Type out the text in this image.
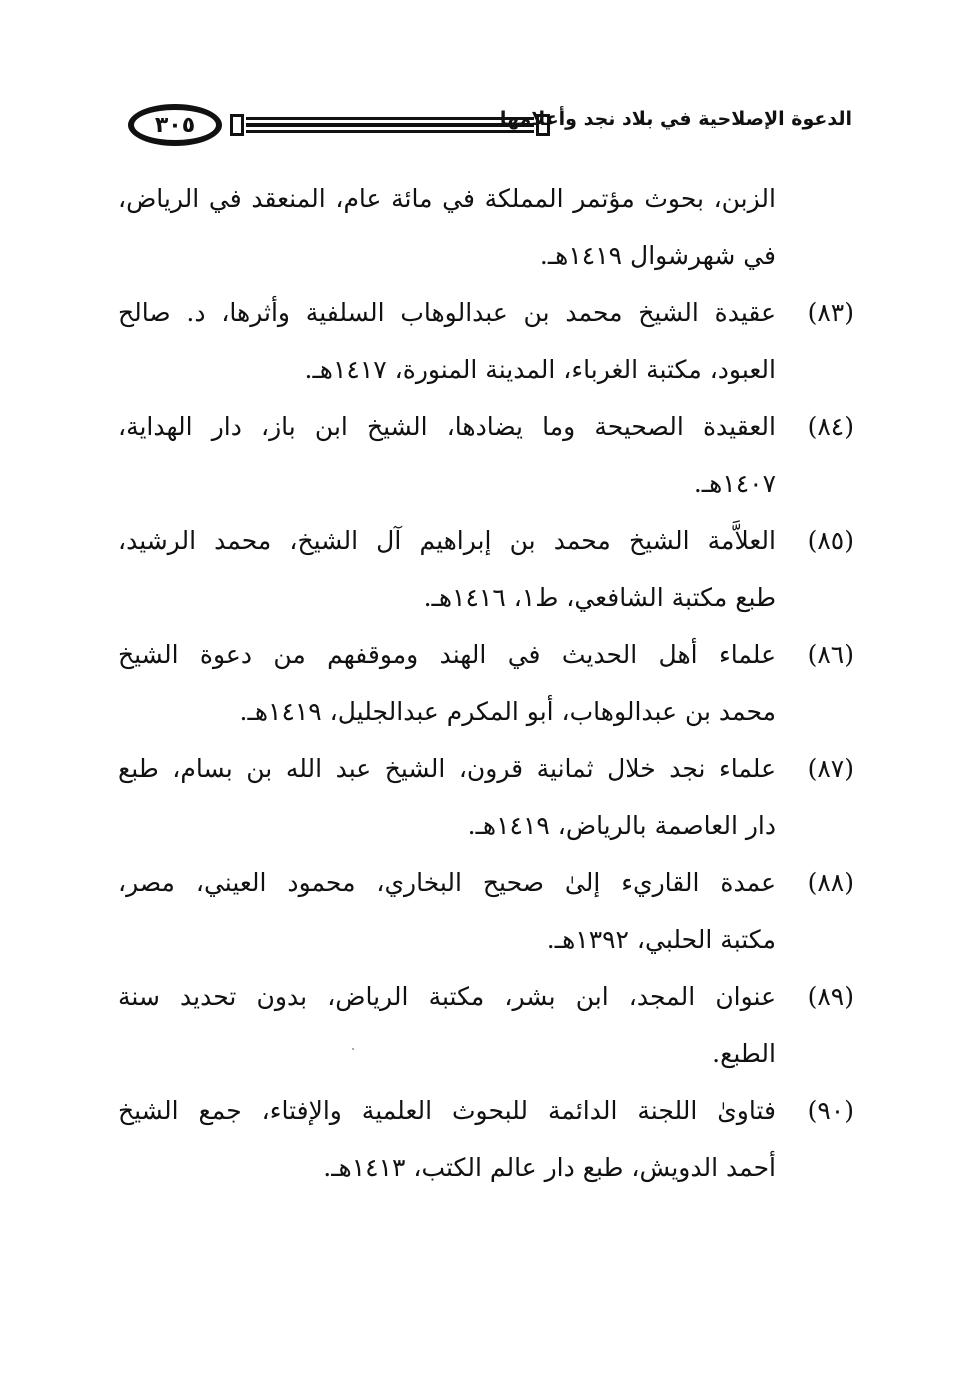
٣٠٥	الدعوة الإصلاحية في بلاد نجد وأعلامها
الزبن، بحوث مؤتمر المملكة في مائة عام، المنعقد في الرياض،
في شهرشوال ١٤١٩هـ.
(٨٣)
عقيدة الشيخ محمد بن عبدالوهاب السلفية وأثرها، د. صالح
العبود، مكتبة الغرباء، المدينة المنورة، ١٤١٧هـ.
(٨٤)
العقيدة الصحيحة وما يضادها، الشيخ ابن باز، دار الهداية،
١٤٠٧هـ.
(٨٥)
العلاَّمة الشيخ محمد بن إبراهيم آل الشيخ، محمد الرشيد،
طبع مكتبة الشافعي، ط١، ١٤١٦هـ.
(٨٦)
علماء أهل الحديث في الهند وموقفهم من دعوة الشيخ
محمد بن عبدالوهاب، أبو المكرم عبدالجليل، ١٤١٩هـ.
(٨٧)
علماء نجد خلال ثمانية قرون، الشيخ عبد الله بن بسام، طبع
دار العاصمة بالرياض، ١٤١٩هـ.
(٨٨)
عمدة القاريء إلىٰ صحيح البخاري، محمود العيني، مصر،
مكتبة الحلبي، ١٣٩٢هـ.
(٨٩)
عنوان المجد، ابن بشر، مكتبة الرياض، بدون تحديد سنة
الطبع.
(٩٠)
فتاوىٰ اللجنة الدائمة للبحوث العلمية والإفتاء، جمع الشيخ
أحمد الدويش، طبع دار عالم الكتب، ١٤١٣هـ.
